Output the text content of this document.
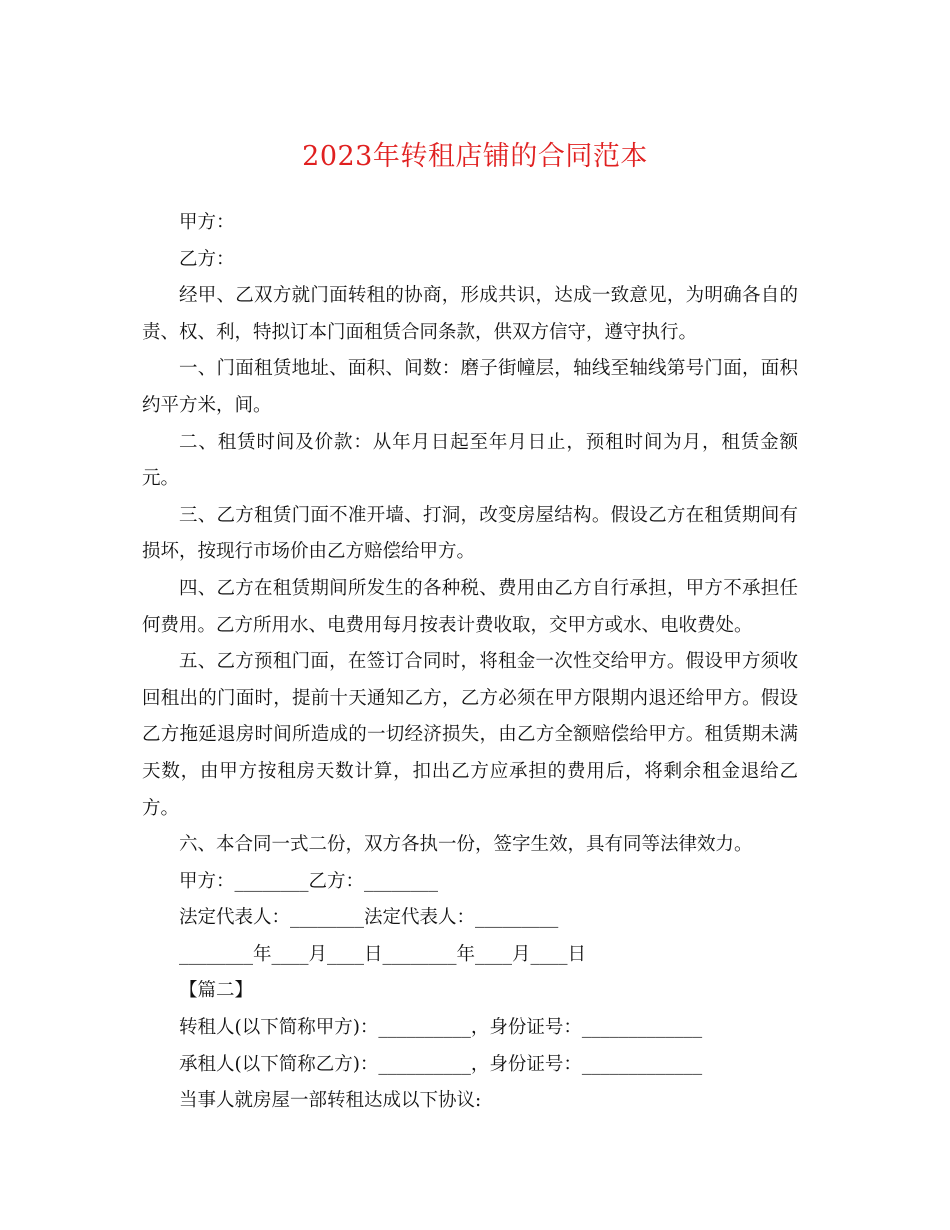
2023年转租店铺的合同范本
甲方：
乙方：

经甲、乙双方就门面转租的协商，形成共识，达成一致意见，为明确各自的责、权、利，特拟订本门面租赁合同条款，供双方信守，遵守执行。

一、门面租赁地址、面积、间数：磨子街幢层，轴线至轴线第号门面，面积约平方米，间。

二、租赁时间及价款：从年月日起至年月日止，预租时间为月，租赁金额元。

三、乙方租赁门面不准开墙、打洞，改变房屋结构。假设乙方在租赁期间有损坏，按现行市场价由乙方赔偿给甲方。

四、乙方在租赁期间所发生的各种税、费用由乙方自行承担，甲方不承担任何费用。乙方所用水、电费用每月按表计费收取，交甲方或水、电收费处。

五、乙方预租门面，在签订合同时，将租金一次性交给甲方。假设甲方须收回租出的门面时，提前十天通知乙方，乙方必须在甲方限期内退还给甲方。假设乙方拖延退房时间所造成的一切经济损失，由乙方全额赔偿给甲方。租赁期未满天数，由甲方按租房天数计算，扣出乙方应承担的费用后，将剩余租金退给乙方。

六、本合同一式二份，双方各执一份，签字生效，具有同等法律效力。

甲方：________乙方：________
法定代表人：________法定代表人：_________
________年____月____日________年____月____日
【篇二】
转租人(以下简称甲方)：__________，身份证号：_____________
承租人(以下简称乙方)：__________，身份证号：_____________
当事人就房屋一部转租达成以下协议:
